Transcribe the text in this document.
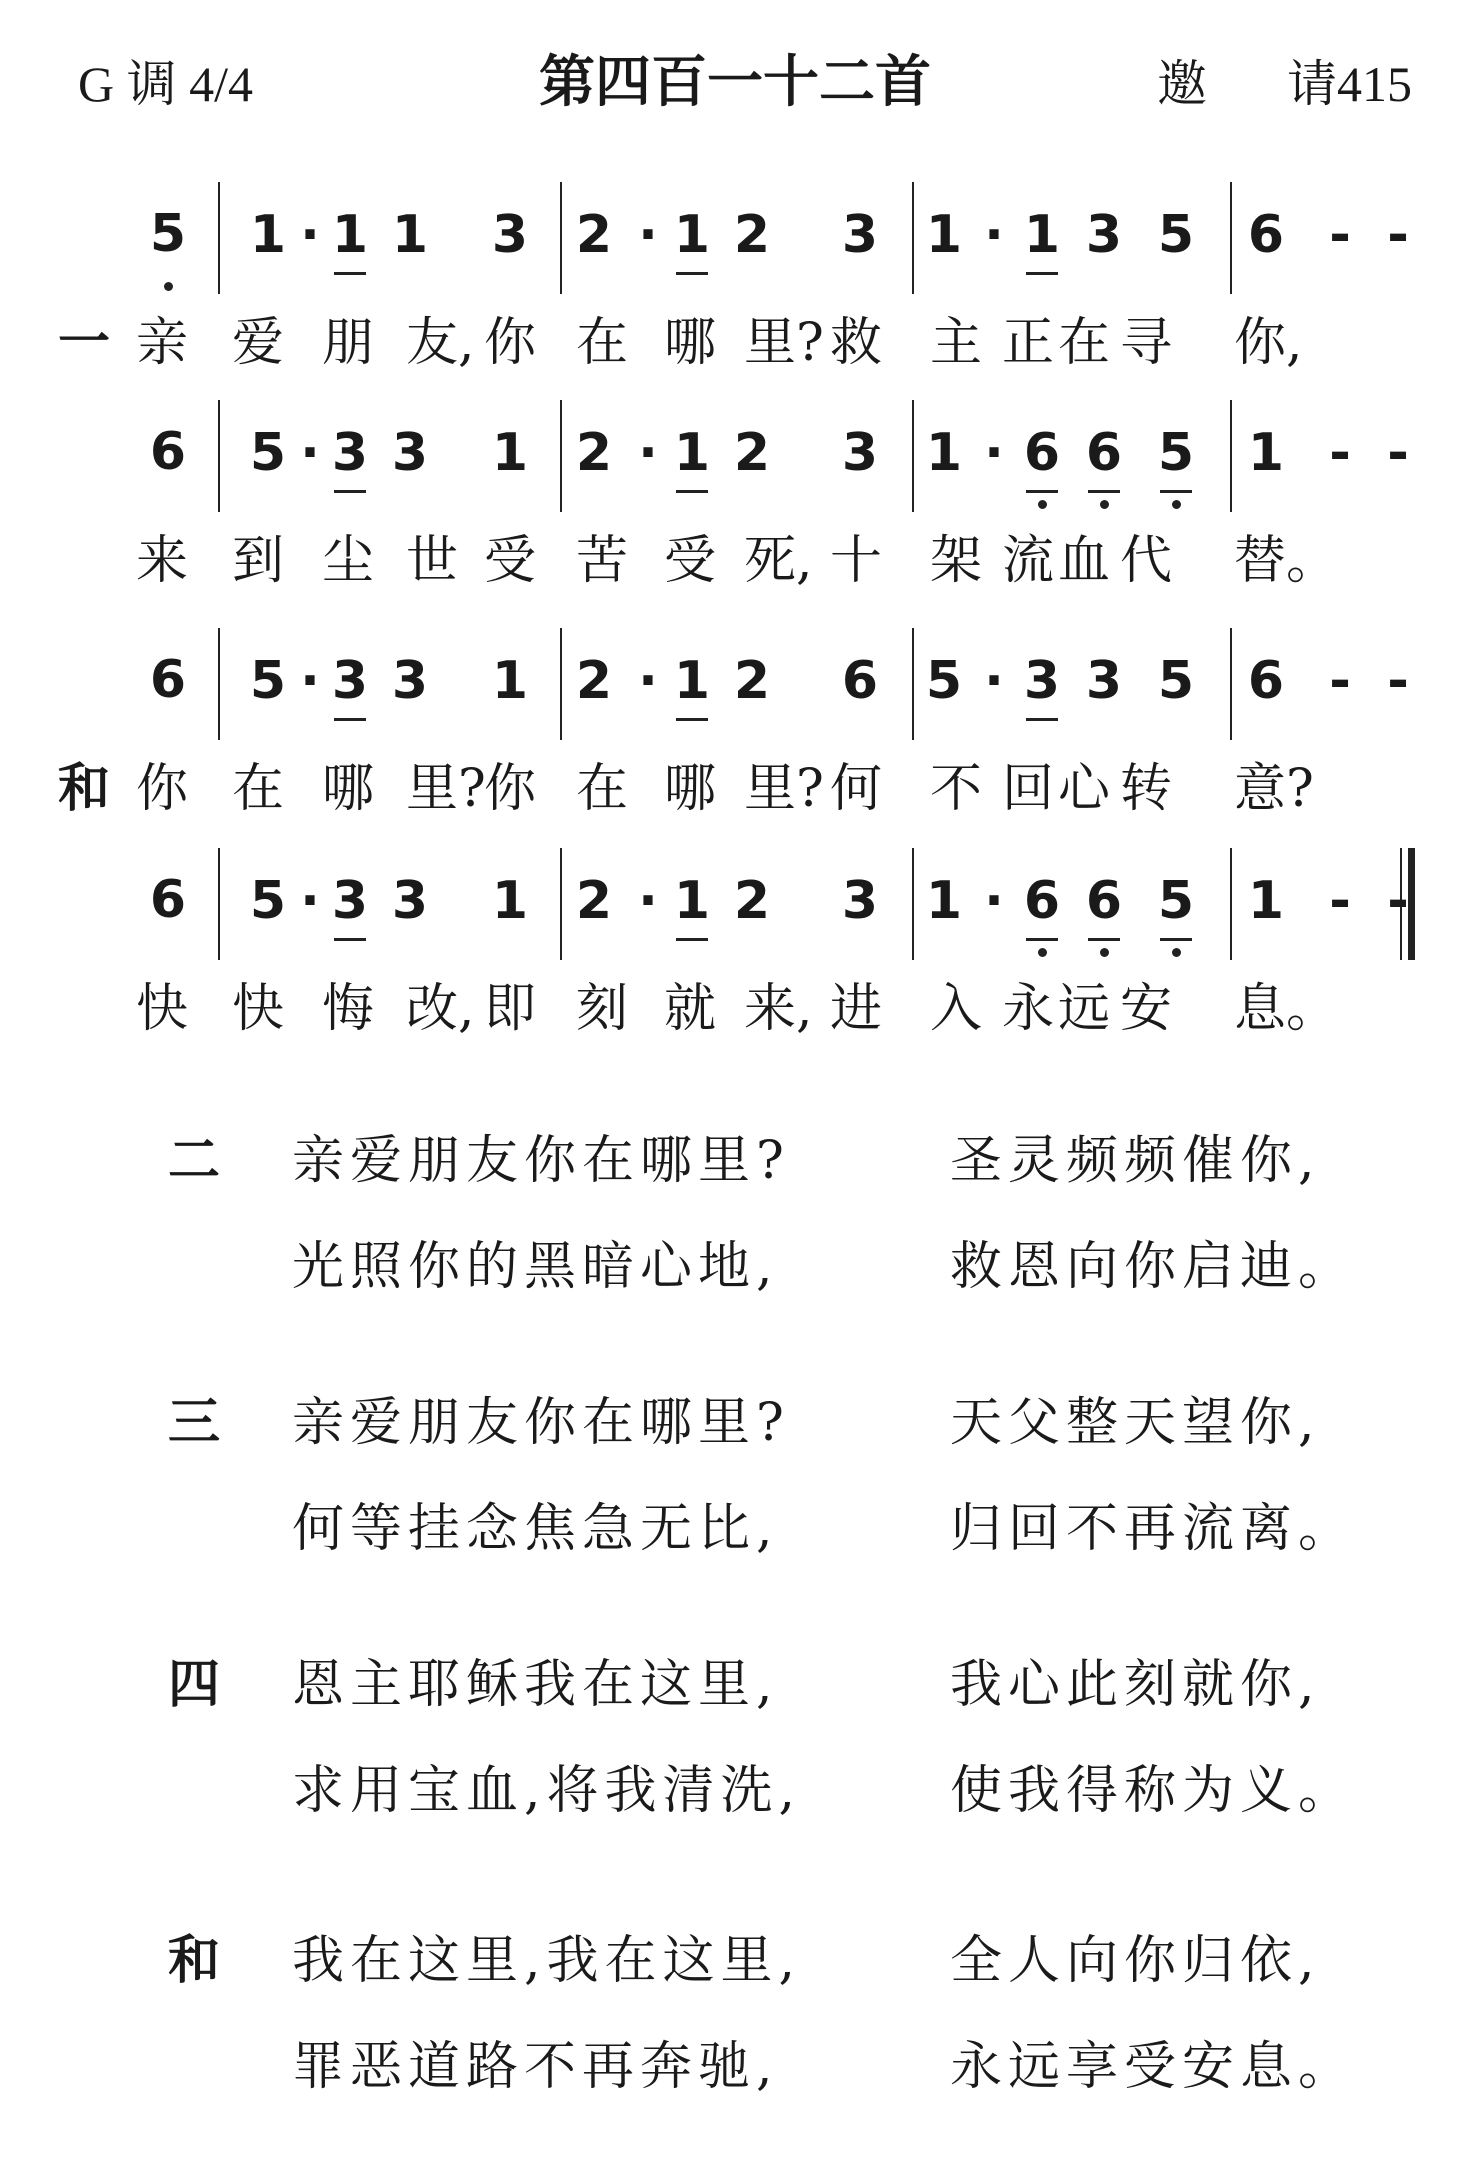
G 调 4/4	第四百一十二首	邀 请415
5 1 · 1 1 3 2 · 1 2 3 1 · 1 3 5 6 - -
一 亲 爱 朋 友, 你 在 哪 里? 救 主 正 在 寻	你,
6 5 · 3 3 1 2 · 1 2 3 1 · 6 6 5 1 - -
来 到 尘 世 受 苦 受 死, 十 架 流 血 代	替。
6 5 · 3 3 1 2 · 1 2 6 5 · 3 3 5 6 - -
和 你 在 哪 里?
你 在 哪 里? 何 不 回 心 转	意?
6 5 · 3 3 1 2 · 1 2 3 1 · 6 6 5 1 - -
快 快 悔 改, 即 刻 就 来, 进 入 永 远 安	息。
二 亲爱朋友你在哪里?	圣灵频频催你,
光照你的黑暗心地,	救恩向你启迪。
三 亲爱朋友你在哪里?	天父整天望你,
何等挂念焦急无比,	归回不再流离。
四 恩主耶稣我在这里,	我心此刻就你,
求用宝血,将我清洗,	使我得称为义。
和 我在这里,我在这里,	全人向你归依,
罪恶道路不再奔驰,	永远享受安息。
